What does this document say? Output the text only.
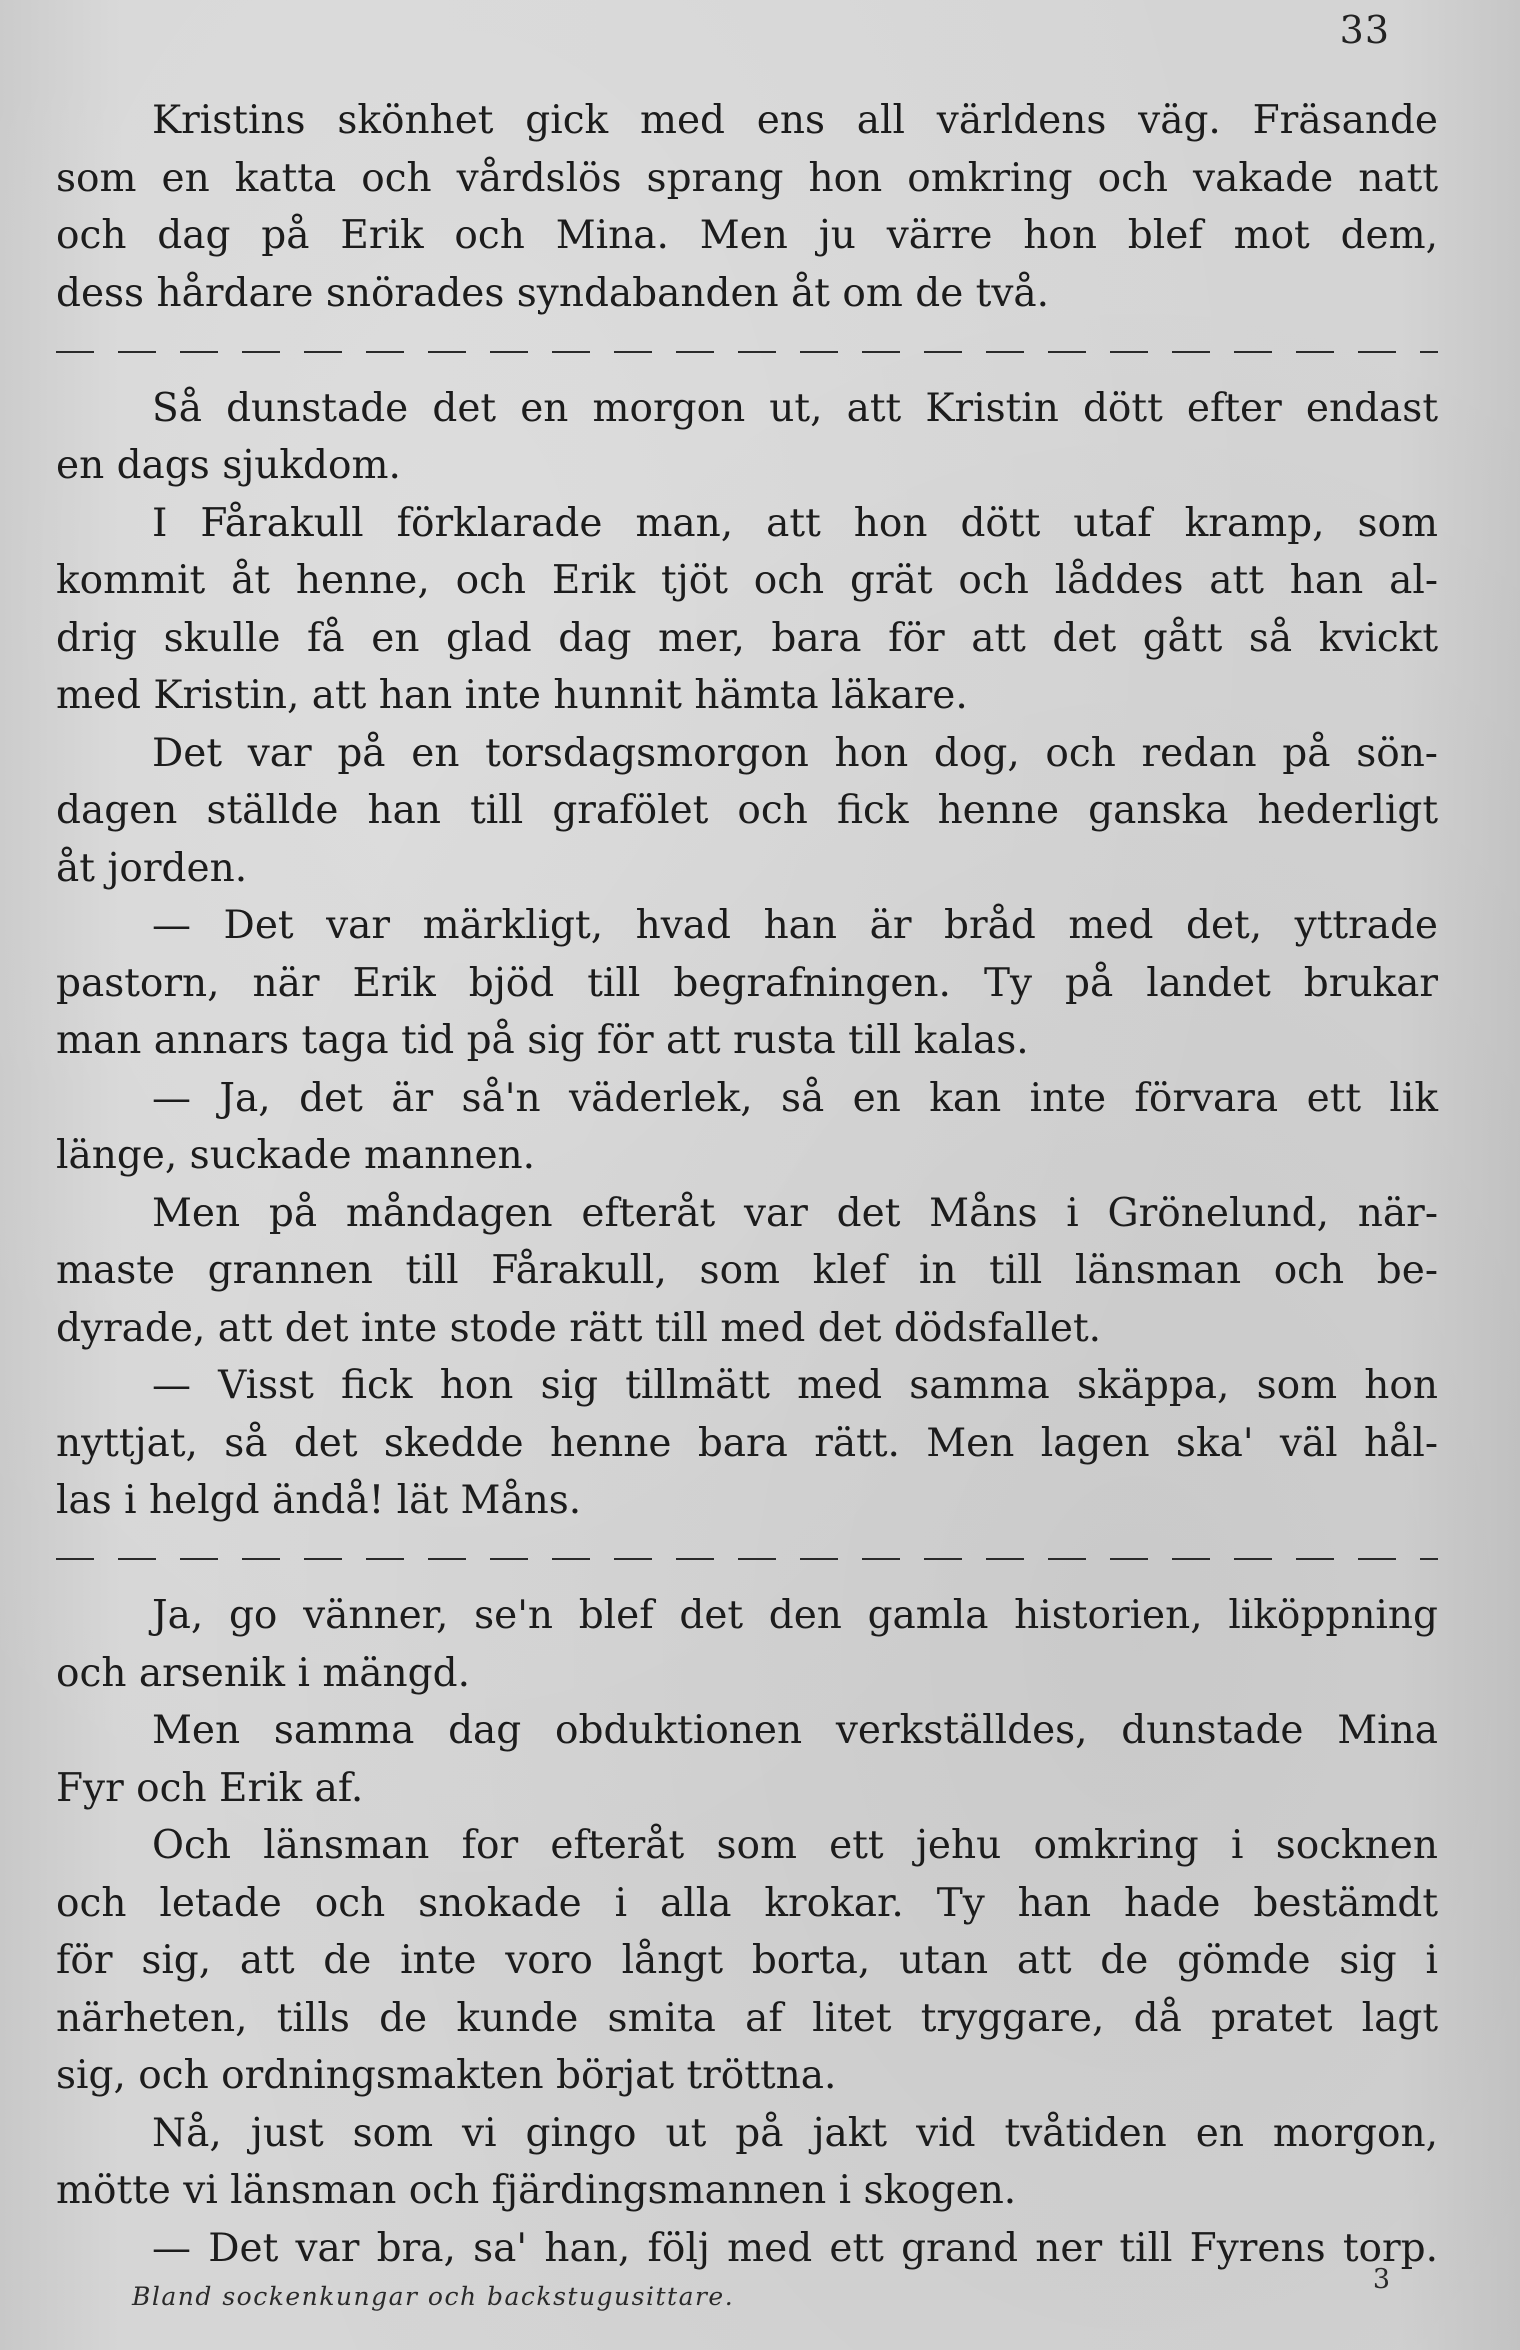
33
Kristins skönhet gick med ens all världens väg. Fräsande
som en katta och vårdslös sprang hon omkring och vakade natt
och dag på Erik och Mina. Men ju värre hon blef mot dem,
dess hårdare snörades syndabanden åt om de två.
Så dunstade det en morgon ut, att Kristin dött efter endast
en dags sjukdom.
I Fårakull förklarade man, att hon dött utaf kramp, som
kommit åt henne, och Erik tjöt och grät och låddes att han al-
drig skulle få en glad dag mer, bara för att det gått så kvickt
med Kristin, att han inte hunnit hämta läkare.
Det var på en torsdagsmorgon hon dog, och redan på sön-
dagen ställde han till grafölet och fick henne ganska hederligt
åt jorden.
— Det var märkligt, hvad han är bråd med det, yttrade
pastorn, när Erik bjöd till begrafningen. Ty på landet brukar
man annars taga tid på sig för att rusta till kalas.
— Ja, det är så'n väderlek, så en kan inte förvara ett lik
länge, suckade mannen.
Men på måndagen efteråt var det Måns i Grönelund, när-
maste grannen till Fårakull, som klef in till länsman och be-
dyrade, att det inte stode rätt till med det dödsfallet.
— Visst fick hon sig tillmätt med samma skäppa, som hon
nyttjat, så det skedde henne bara rätt. Men lagen ska' väl hål-
las i helgd ändå! lät Måns.
Ja, go vänner, se'n blef det den gamla historien, liköppning
och arsenik i mängd.
Men samma dag obduktionen verkställdes, dunstade Mina
Fyr och Erik af.
Och länsman for efteråt som ett jehu omkring i socknen
och letade och snokade i alla krokar. Ty han hade bestämdt
för sig, att de inte voro långt borta, utan att de gömde sig i
närheten, tills de kunde smita af litet tryggare, då pratet lagt
sig, och ordningsmakten börjat tröttna.
Nå, just som vi gingo ut på jakt vid tvåtiden en morgon,
mötte vi länsman och fjärdingsmannen i skogen.
— Det var bra, sa' han, följ med ett grand ner till Fyrens torp.
Bland sockenkungar och backstugusittare.
3
